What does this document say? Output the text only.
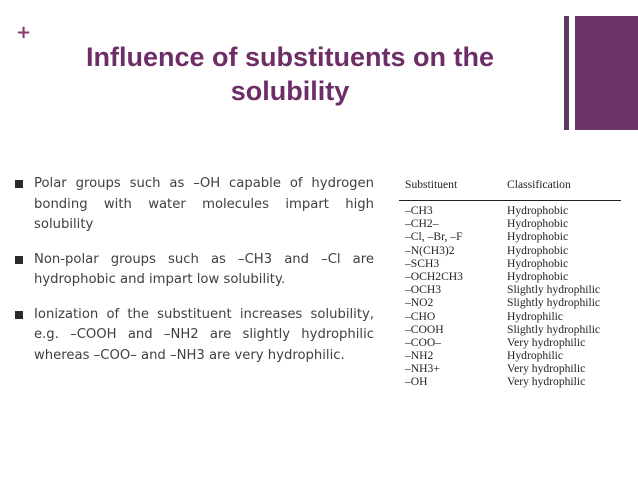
+
Influence of substituents on the
solubility
Polar groups such as –OH capable of hydrogen bonding with water molecules impart high solubility
Non-polar groups such as –CH3 and –Cl are hydrophobic and impart low solubility.
Ionization of the substituent increases solubility, e.g. –COOH and –NH2 are slightly hydrophilic whereas –COO– and –NH3 are very hydrophilic.
Substituent	Classification
–CH3	Hydrophobic
–CH2–	Hydrophobic
–Cl, –Br, –F	Hydrophobic
–N(CH3)2	Hydrophobic
–SCH3	Hydrophobic
–OCH2CH3	Hydrophobic
–OCH3	Slightly hydrophilic
–NO2	Slightly hydrophilic
–CHO	Hydrophilic
–COOH	Slightly hydrophilic
–COO–	Very hydrophilic
–NH2	Hydrophilic
–NH3+	Very hydrophilic
–OH	Very hydrophilic
